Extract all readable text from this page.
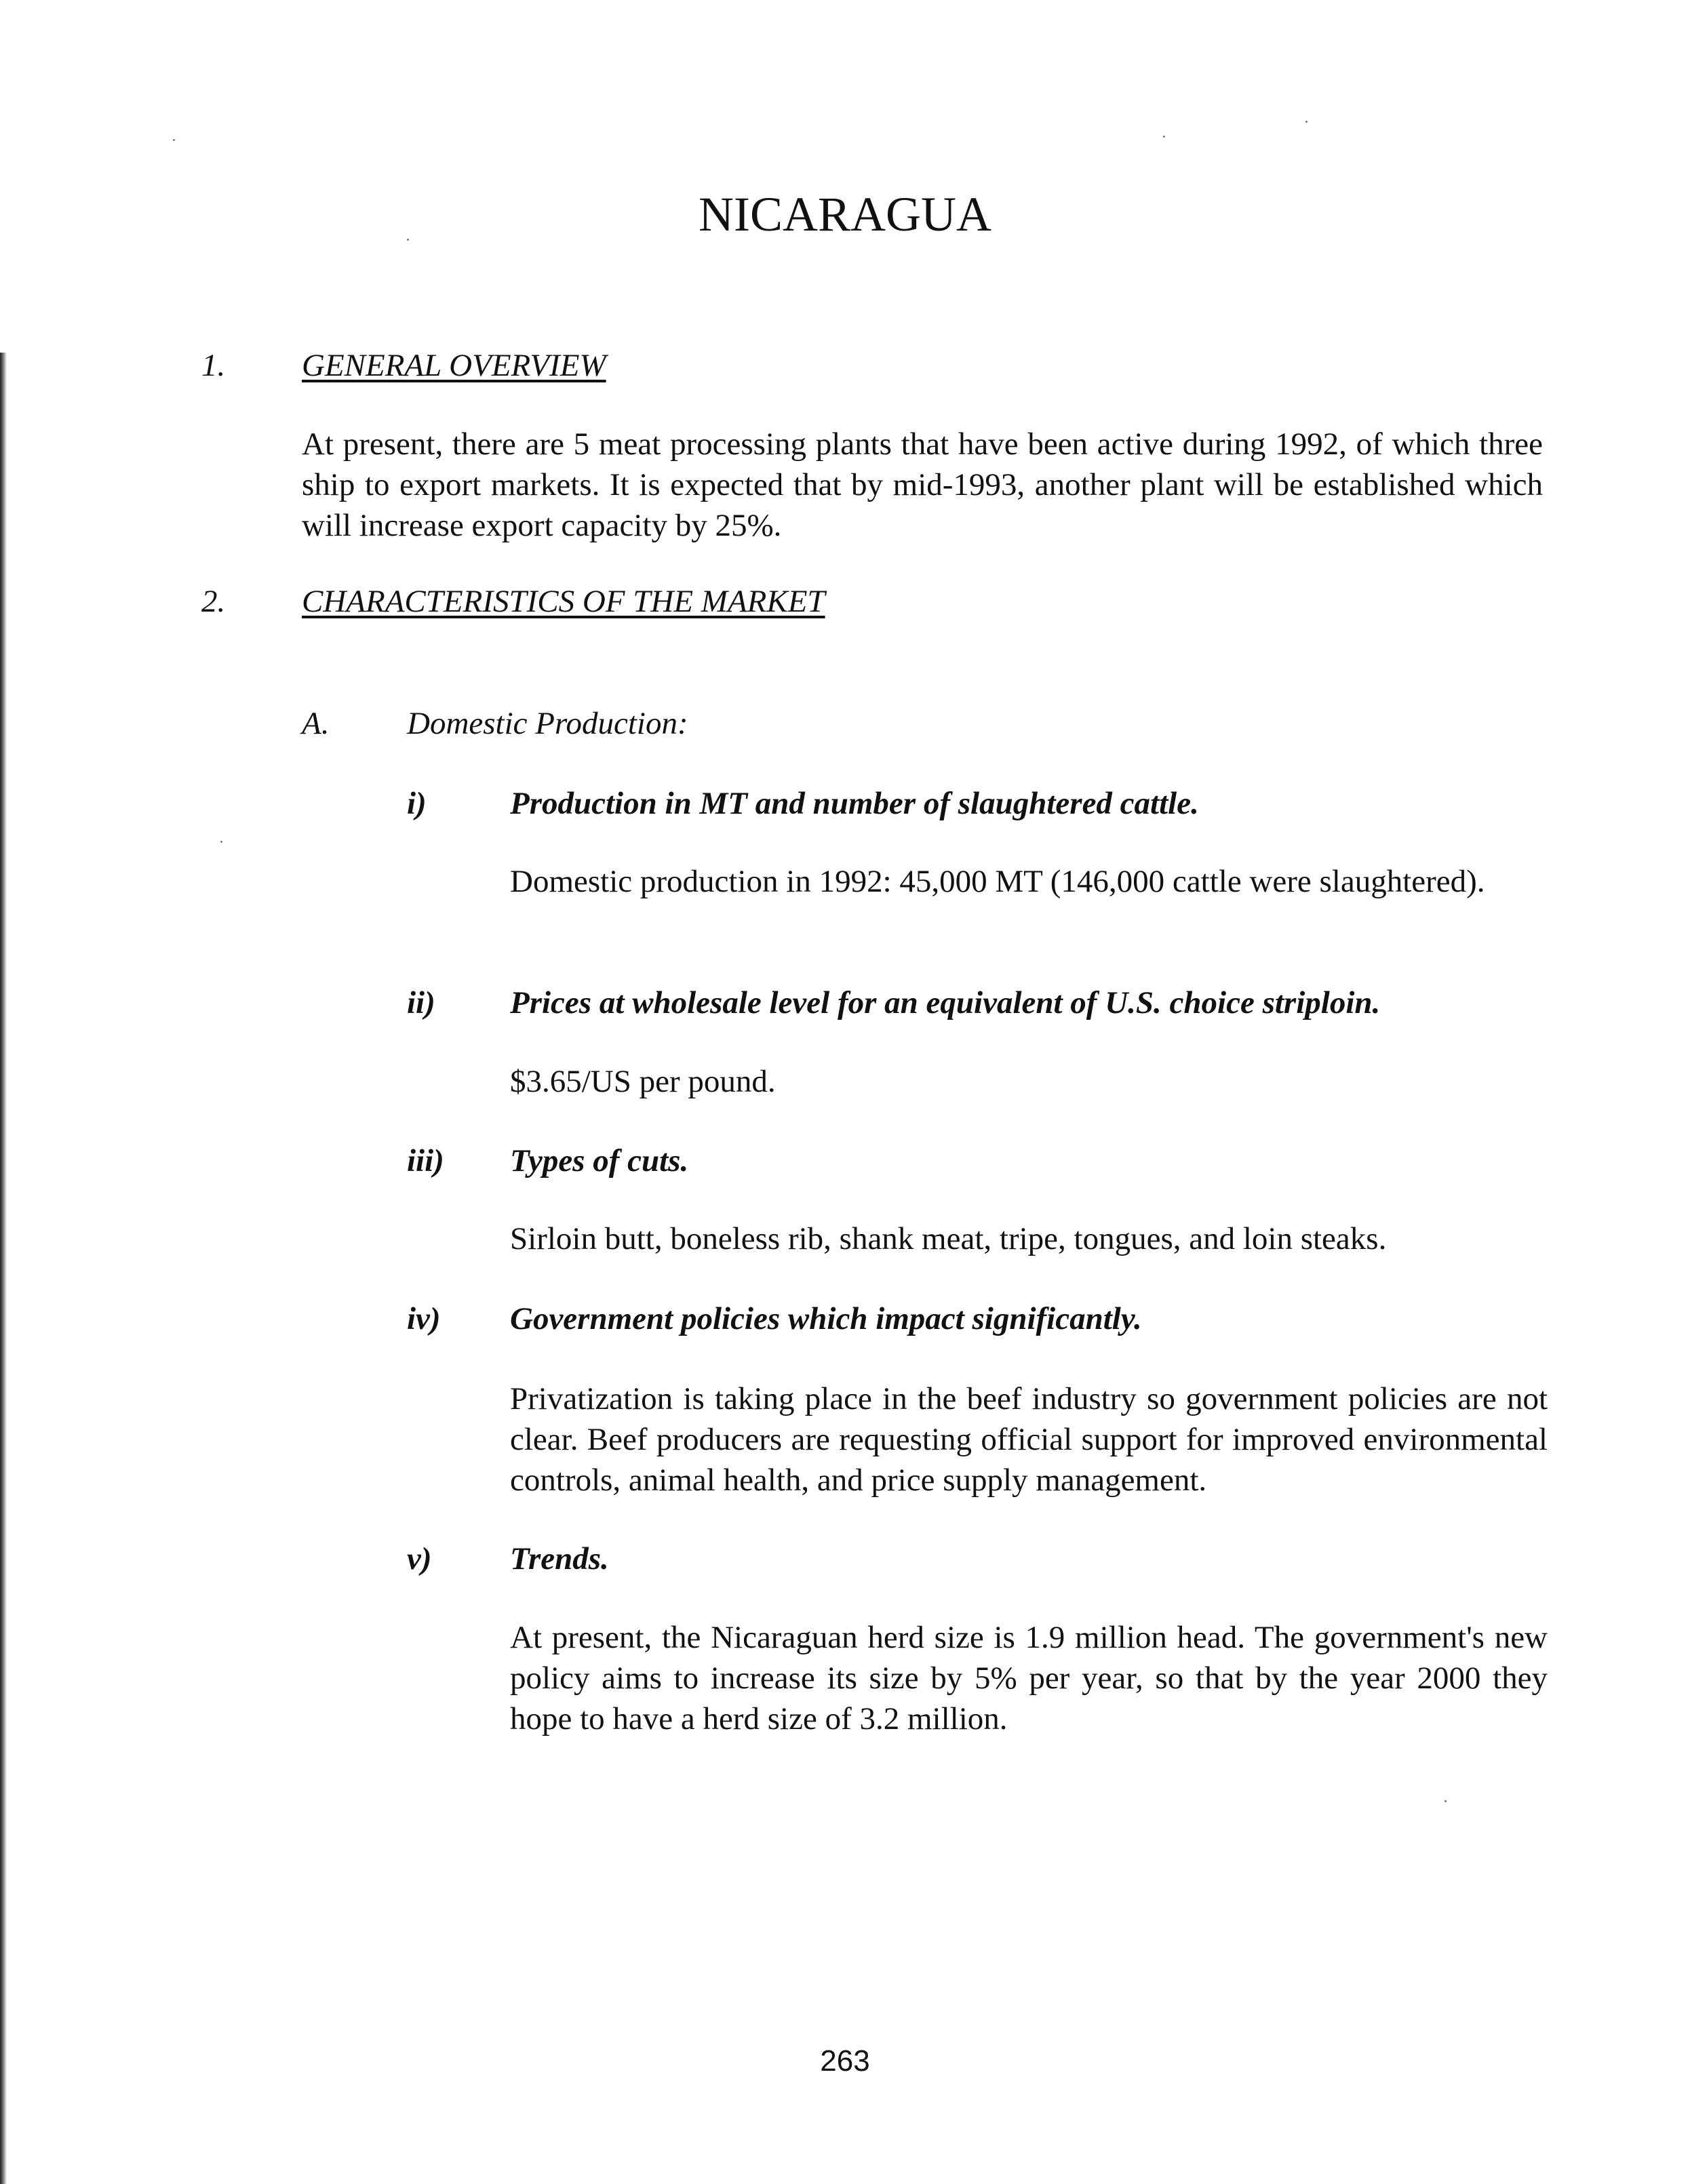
NICARAGUA
1. GENERAL OVERVIEW

At present, there are 5 meat processing plants that have been active during 1992, of which three ship to export markets. It is expected that by mid-1993, another plant will be established which will increase export capacity by 25%.

2. CHARACTERISTICS OF THE MARKET
A. Domestic Production:
i)	Production in MT and number of slaughtered cattle.

Domestic production in 1992: 45,000 MT (146,000 cattle were slaughtered).

ii) Prices at wholesale level for an equivalent of U.S. choice striploin.

$3.65/US per pound.

iii) Types of cuts.

Sirloin butt, boneless rib, shank meat, tripe, tongues, and loin steaks.

iv) Government policies which impact significantly.

Privatization is taking place in the beef industry so government policies are not clear. Beef producers are requesting official support for improved environmental controls, animal health, and price supply management.

v) Trends.

At present, the Nicaraguan herd size is 1.9 million head. The government's new policy aims to increase its size by 5% per year, so that by the year 2000 they hope to have a herd size of 3.2 million.

263
